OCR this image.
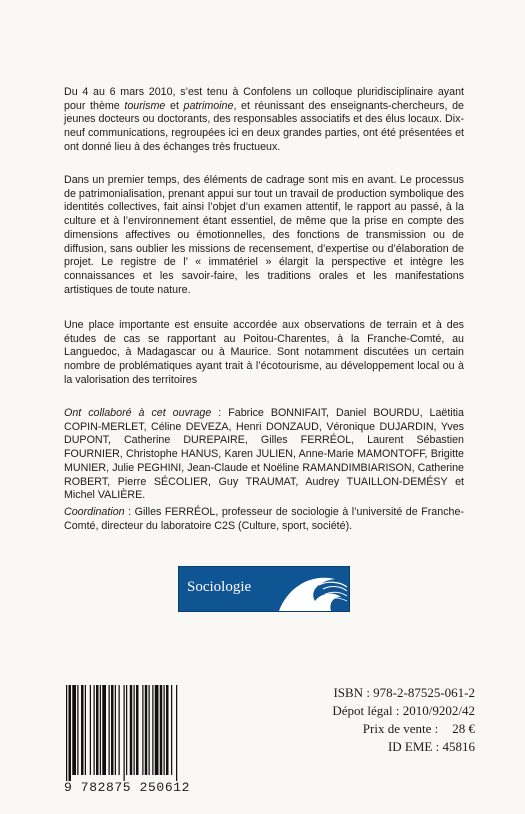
Du 4 au 6 mars 2010, s’est tenu à Confolens un colloque pluridisciplinaire ayant pour thème tourisme et patrimoine, et réunissant des enseignants-chercheurs, de jeunes docteurs ou doctorants, des responsables associatifs et des élus locaux. Dix-neuf communications, regroupées ici en deux grandes parties, ont été présentées et ont donné lieu à des échanges très fructueux.

Dans un premier temps, des éléments de cadrage sont mis en avant. Le processus de patrimonialisation, prenant appui sur tout un travail de production symbolique des identités collectives, fait ainsi l’objet d’un examen attentif, le rapport au passé, à la culture et à l’environnement étant essentiel, de même que la prise en compte des dimensions affectives ou émotionnelles, des fonctions de transmission ou de diffusion, sans oublier les missions de recensement, d’expertise ou d’élaboration de projet. Le registre de l’ « immatériel » élargit la perspective et intègre les connaissances et les savoir-faire, les traditions orales et les manifestations artistiques de toute nature.

Une place importante est ensuite accordée aux observations de terrain et à des études de cas se rapportant au Poitou-Charentes, à la Franche-Comté, au Languedoc, à Madagascar ou à Maurice. Sont notamment discutées un certain nombre de problématiques ayant trait à l’écotourisme, au développement local ou à la valorisation des territoires

Ont collaboré à cet ouvrage : Fabrice BONNIFAIT, Daniel BOURDU, Laëtitia COPIN-MERLET, Céline DEVEZA, Henri DONZAUD, Véronique DUJARDIN, Yves DUPONT, Catherine DUREPAIRE, Gilles FERRÉOL, Laurent Sébastien FOURNIER, Christophe HANUS, Karen JULIEN, Anne-Marie MAMONTOFF, Brigitte MUNIER, Julie PEGHINI, Jean-Claude et Noëline RAMANDIMBIARISON, Catherine ROBERT, Pierre SÉCOLIER, Guy TRAUMAT, Audrey TUAILLON-DEMÉSY et Michel VALIÈRE.

Coordination : Gilles FERRÉOL, professeur de sociologie à l’université de Franche-Comté, directeur du laboratoire C2S (Culture, sport, société).

Sociologie
9 782875 250612
ISBN : 978-2-87525-061-2
Dépot légal : 2010/9202/42
Prix de vente : 28 €
ID EME : 45816
